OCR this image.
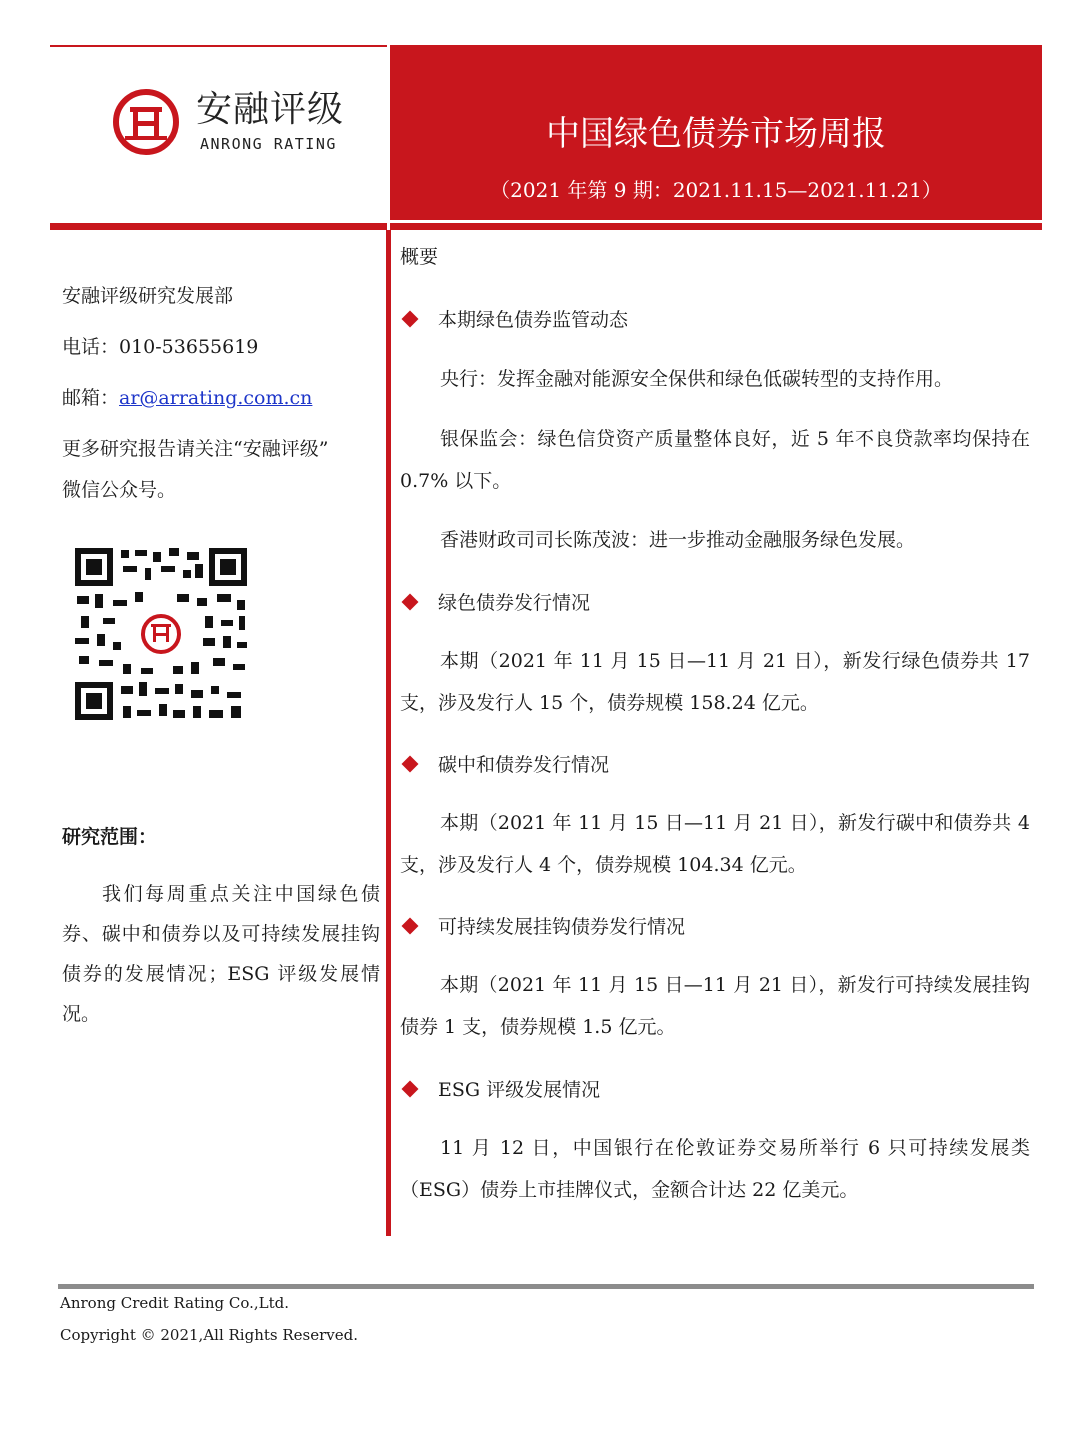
安融评级
ANRONG RATING	中国绿色债券市场周报
（2021 年第 9 期：2021.11.15—2021.11.21）
安融评级研究发展部
电话：010-53655619
邮箱：ar@arrating.com.cn
更多研究报告请关注“安融评级”
微信公众号。
研究范围：
我们每周重点关注中国绿色债券、碳中和债券以及可持续发展挂钩债券的发展情况；ESG 评级发展情况。
概要
本期绿色债券监管动态
央行：发挥金融对能源安全保供和绿色低碳转型的支持作用。
银保监会：绿色信贷资产质量整体良好，近 5 年不良贷款率均保持在 0.7% 以下。
香港财政司司长陈茂波：进一步推动金融服务绿色发展。
绿色债券发行情况
本期（2021 年 11 月 15 日—11 月 21 日），新发行绿色债券共 17 支，涉及发行人 15 个，债券规模 158.24 亿元。
碳中和债券发行情况
本期（2021 年 11 月 15 日—11 月 21 日），新发行碳中和债券共 4 支，涉及发行人 4 个，债券规模 104.34 亿元。
可持续发展挂钩债券发行情况
本期（2021 年 11 月 15 日—11 月 21 日），新发行可持续发展挂钩债券 1 支，债券规模 1.5 亿元。
ESG 评级发展情况
11 月 12 日，中国银行在伦敦证券交易所举行 6 只可持续发展类（ESG）债券上市挂牌仪式，金额合计达 22 亿美元。
Anrong Credit Rating Co.,Ltd.
Copyright © 2021,All Rights Reserved.
